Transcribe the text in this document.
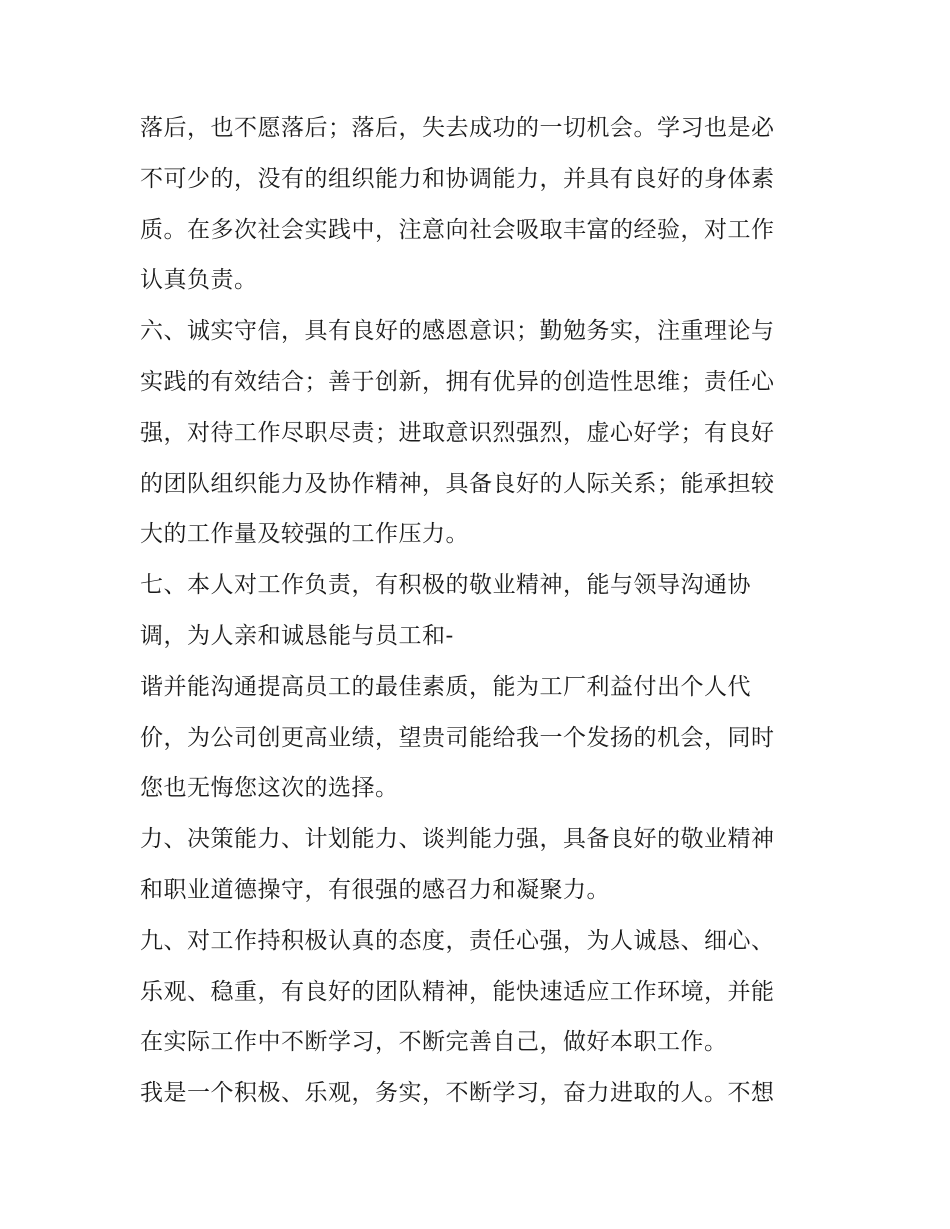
落后，也不愿落后；落后，失去成功的一切机会。学习也是必
不可少的，没有的组织能力和协调能力，并具有良好的身体素
质。在多次社会实践中，注意向社会吸取丰富的经验，对工作
认真负责。
六、诚实守信，具有良好的感恩意识；勤勉务实，注重理论与
实践的有效结合；善于创新，拥有优异的创造性思维；责任心
强，对待工作尽职尽责；进取意识烈强烈，虚心好学；有良好
的团队组织能力及协作精神，具备良好的人际关系；能承担较
大的工作量及较强的工作压力。
七、本人对工作负责，有积极的敬业精神，能与领导沟通协
调，为人亲和诚恳能与员工和-
谐并能沟通提高员工的最佳素质，能为工厂利益付出个人代
价，为公司创更高业绩，望贵司能给我一个发扬的机会，同时
您也无悔您这次的选择。
力、决策能力、计划能力、谈判能力强，具备良好的敬业精神
和职业道德操守，有很强的感召力和凝聚力。
九、对工作持积极认真的态度，责任心强，为人诚恳、细心、
乐观、稳重，有良好的团队精神，能快速适应工作环境，并能
在实际工作中不断学习，不断完善自己，做好本职工作。
我是一个积极、乐观，务实，不断学习，奋力进取的人。不想
